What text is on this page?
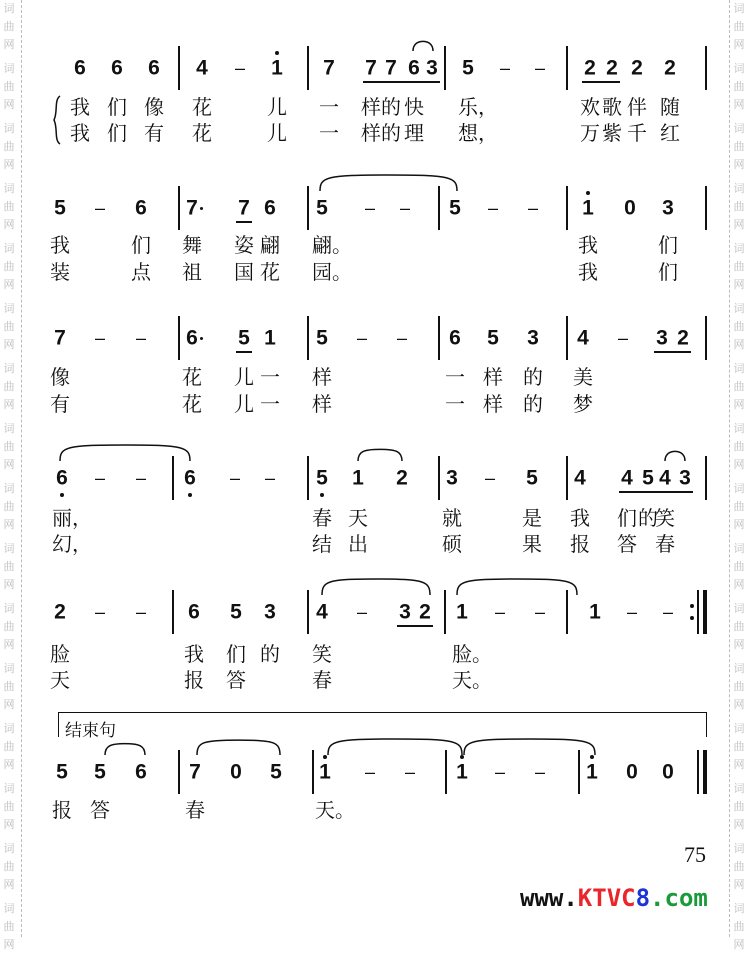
词
曲
网
词
曲
网
词
曲
网
词
曲
网
词
曲
网
词
曲
网
词
曲
网
词
曲
网
词
曲
网
词
曲
网
词
曲
网
词
曲
网
词
曲
网
词
曲
网
词
曲
网
词
曲
网
词
曲
网
词
曲
网
词
曲
网
词
曲
网
词
曲
网
词
曲
网
词
曲
网
词
曲
网
词
曲
网
词
曲
网
词
曲
网
词
曲
网
词
曲
网
词
曲
网
词
曲
网
词
曲
网
6 6 6 4 – 1 7 7 7 6 3 5 – – 2 2 2 2
我 们 像 花	儿 一 样 的 快 乐，	欢 歌 伴 随
我 们 有 花	儿 一 样 的 理 想，	万 紫 千 红
5 – 6 7 7 6 5 – – 5 – – 1 0 3
我	们 舞 姿 翩 翩。	我	们
装	点 祖 国 花 园。	我	们
7 – – 6 5 1 5 – – 6 5 3 4 – 3 2
像	花 儿 一 样	一 样 的 美
有	花 儿 一 样	一 样 的 梦
6 – – 6 – – 5 1 2 3 – 5 4 4 5 4 3
丽，	春 天	就	是 我 们 的
笑
幻，	结 出	硕	果 报 答 春
2 – – 6 5 3 4 – 3 2 1 – – 1 – –
脸	我 们 的 笑	脸。
天	报 答	春	天。
5 5 6 7 0 5 1 – – 1 – – 1 0 0
报 答	春	天。
结束句
75
www.KTVC8.com
